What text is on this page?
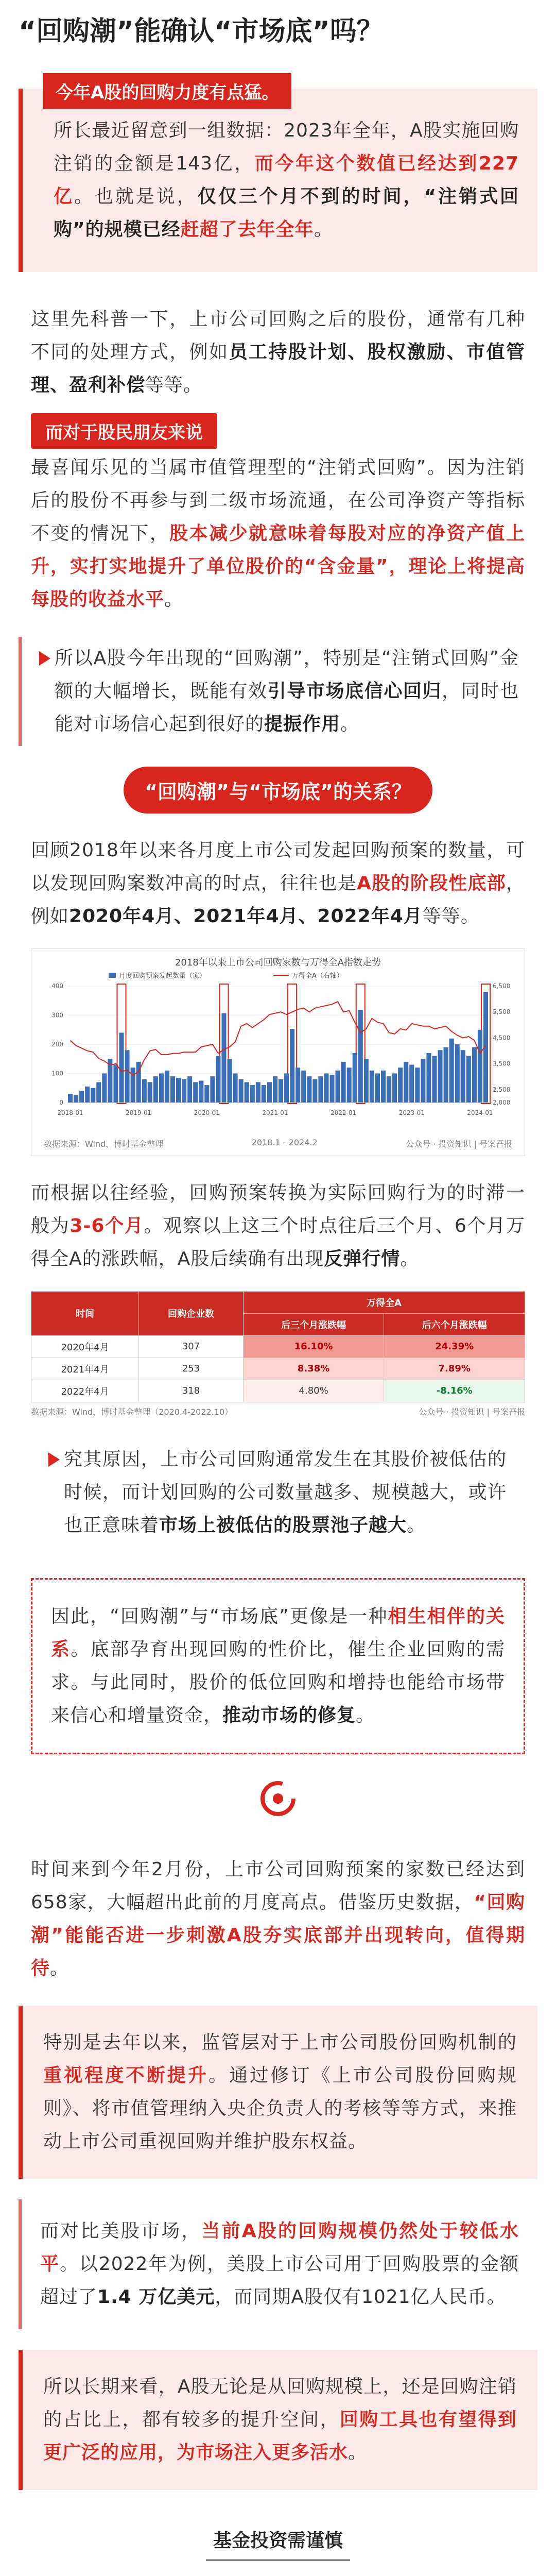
“回购潮”能确认“市场底”吗？
今年A股的回购力度有点猛。

所长最近留意到一组数据：2023年全年，A股实施回购注销的金额是143亿，而今年这个数值已经达到227亿。也就是说，仅仅三个月不到的时间，“注销式回购”的规模已经赶超了去年全年。

这里先科普一下，上市公司回购之后的股份，通常有几种不同的处理方式，例如员工持股计划、股权激励、市值管理、盈利补偿等等。

而对于股民朋友来说

最喜闻乐见的当属市值管理型的“注销式回购”。因为注销后的股份不再参与到二级市场流通，在公司净资产等指标不变的情况下，股本减少就意味着每股对应的净资产值上升，实打实地提升了单位股价的“含金量”，理论上将提高每股的收益水平。

所以A股今年出现的“回购潮”，特别是“注销式回购”金额的大幅增长，既能有效引导市场底信心回归，同时也能对市场信心起到很好的提振作用。

“回购潮”与“市场底”的关系？

回顾2018年以来各月度上市公司发起回购预案的数量，可以发现回购案数冲高的时点，往往也是A股的阶段性底部，例如2020年4月、2021年4月、2022年4月等等。

2018年以来上市公司回购家数与万得全A指数走势
月度回购预案发起数量（家）	万得全A（右轴）
400
300
200
100
0
6,500
5,500
4,500
3,500
2,500
2,000
2018-01	2019-01	2020-01	2021-01	2022-01	2023-01	2024-01
数据来源：Wind，博时基金整理	2018.1 - 2024.2	公众号 · 投资知识 | 号案吾报

而根据以往经验，回购预案转换为实际回购行为的时滞一般为3-6个月。观察以上这三个时点往后三个月、6个月万得全A的涨跌幅，A股后续确有出现反弹行情。

时间	回购企业数	万得全A	
		后三个月涨跌幅	后六个月涨跌幅
2020年4月	307	16.10%	24.39%
2021年4月	253	8.38%	7.89%
2022年4月	318	4.80%	-8.16%
数据来源：Wind，博时基金整理（2020.4-2022.10）	公众号 · 投资知识 | 号案吾报

究其原因，上市公司回购通常发生在其股价被低估的时候，而计划回购的公司数量越多、规模越大，或许也正意味着市场上被低估的股票池子越大。

因此，“回购潮”与“市场底”更像是一种相生相伴的关系。底部孕育出现回购的性价比，催生企业回购的需求。与此同时，股价的低位回购和增持也能给市场带来信心和增量资金，推动市场的修复。

时间来到今年2月份，上市公司回购预案的家数已经达到658家，大幅超出此前的月度高点。借鉴历史数据，“回购潮”能能否进一步刺激A股夯实底部并出现转向，值得期待。

特别是去年以来，监管层对于上市公司股份回购机制的重视程度不断提升。通过修订《上市公司股份回购规则》、将市值管理纳入央企负责人的考核等等方式，来推动上市公司重视回购并维护股东权益。

而对比美股市场，当前A股的回购规模仍然处于较低水平。以2022年为例，美股上市公司用于回购股票的金额超过了1.4 万亿美元，而同期A股仅有1021亿人民币。

所以长期来看，A股无论是从回购规模上，还是回购注销的占比上，都有较多的提升空间，回购工具也有望得到更广泛的应用，为市场注入更多活水。

基金投资需谨慎
